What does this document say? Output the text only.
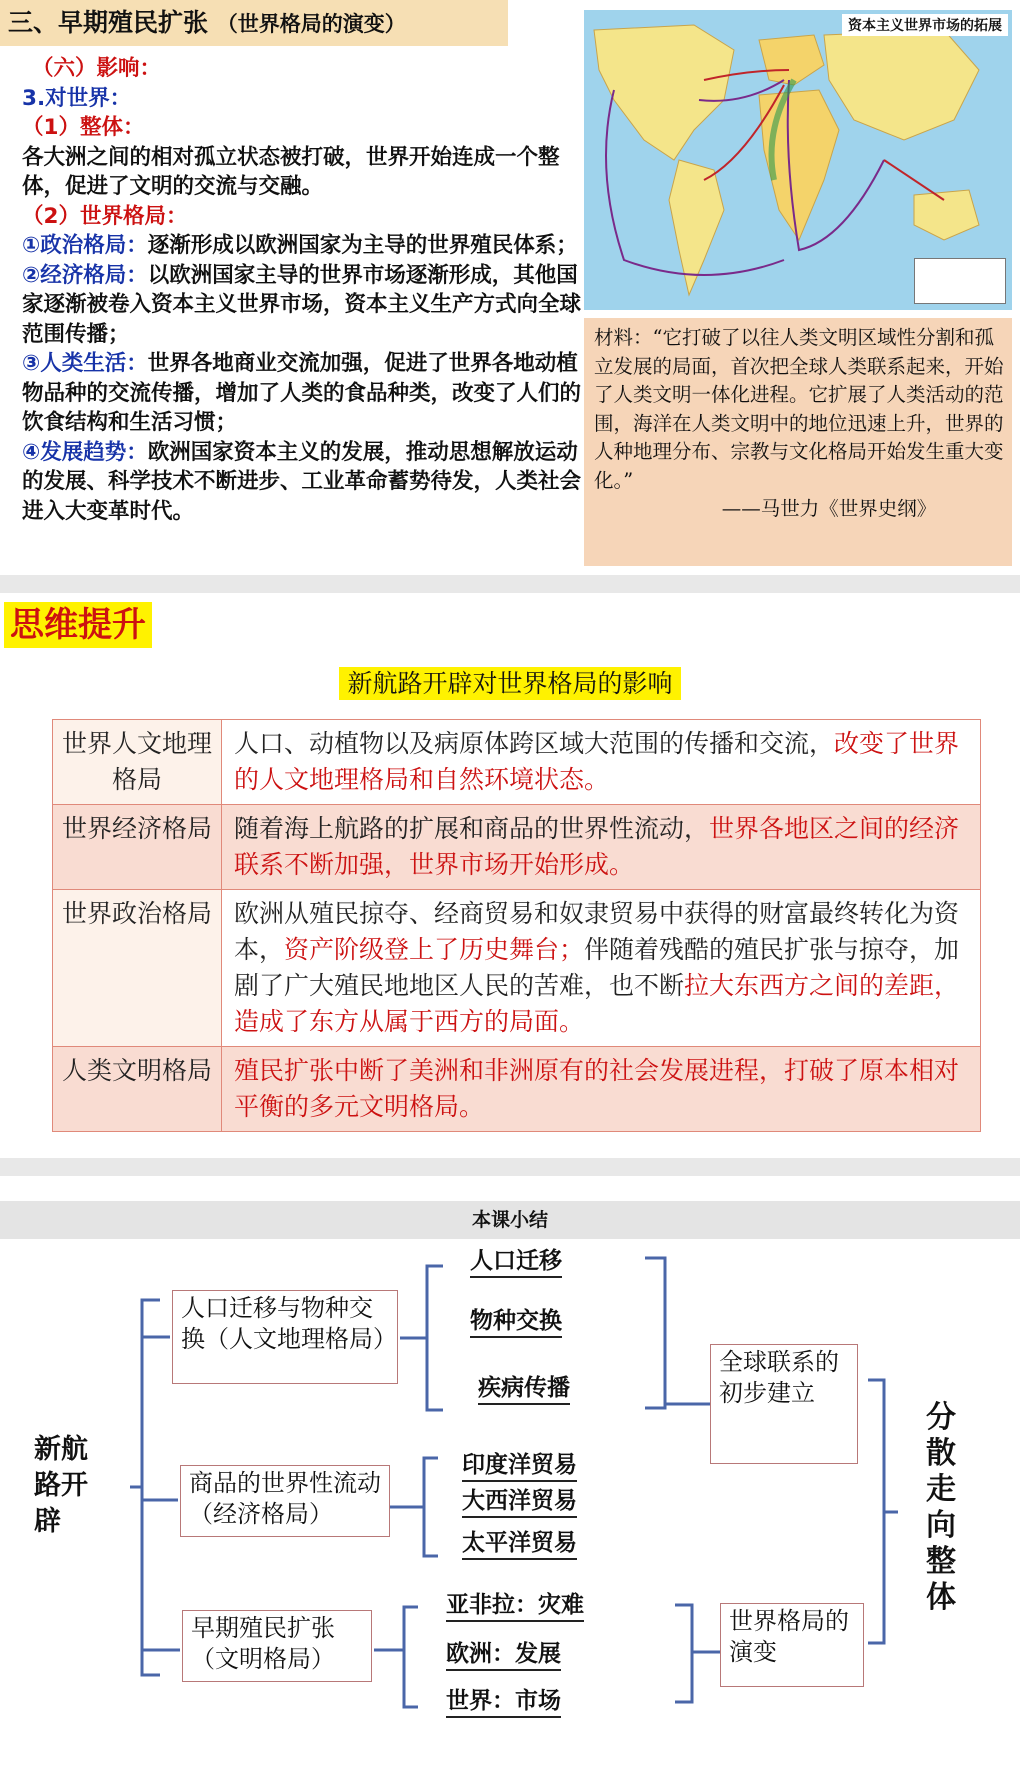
三、早期殖民扩张 （世界格局的演变）

（六）影响：

3.对世界：

（1）整体：

各大洲之间的相对孤立状态被打破，世界开始连成一个整体，促进了文明的交流与交融。

（2）世界格局：

①政治格局：逐渐形成以欧洲国家为主导的世界殖民体系；

②经济格局：以欧洲国家主导的世界市场逐渐形成，其他国家逐渐被卷入资本主义世界市场，资本主义生产方式向全球范围传播；

③人类生活：世界各地商业交流加强，促进了世界各地动植物品种的交流传播，增加了人类的食品种类，改变了人们的饮食结构和生活习惯；

④发展趋势：欧洲国家资本主义的发展，推动思想解放运动的发展、科学技术不断进步、工业革命蓄势待发，人类社会进入大变革时代。

资本主义世界市场的拓展
材料：“它打破了以往人类文明区域性分割和孤立发展的局面，首次把全球人类联系起来，开始了人类文明一体化进程。它扩展了人类活动的范围，海洋在人类文明中的地位迅速上升，世界的人种地理分布、宗教与文化格局开始发生重大变化。”
——马世力《世界史纲》
思维提升
新航路开辟对世界格局的影响
世界人文地理格局	人口、动植物以及病原体跨区域大范围的传播和交流，改变了世界的人文地理格局和自然环境状态。
世界经济格局	随着海上航路的扩展和商品的世界性流动，世界各地区之间的经济联系不断加强，世界市场开始形成。
世界政治格局	欧洲从殖民掠夺、经商贸易和奴隶贸易中获得的财富最终转化为资本，资产阶级登上了历史舞台；伴随着残酷的殖民扩张与掠夺，加剧了广大殖民地地区人民的苦难，也不断拉大东西方之间的差距，造成了东方从属于西方的局面。
人类文明格局	殖民扩张中断了美洲和非洲原有的社会发展进程，打破了原本相对平衡的多元文明格局。
本课小结
新航路开辟
人口迁移与物种交换（人文地理格局）
商品的世界性流动（经济格局）
早期殖民扩张（文明格局）
人口迁移
物种交换
疾病传播
印度洋贸易
大西洋贸易
太平洋贸易
亚非拉：灾难
欧洲：发展
世界：市场
全球联系的初步建立
世界格局的演变
分散走向整体
